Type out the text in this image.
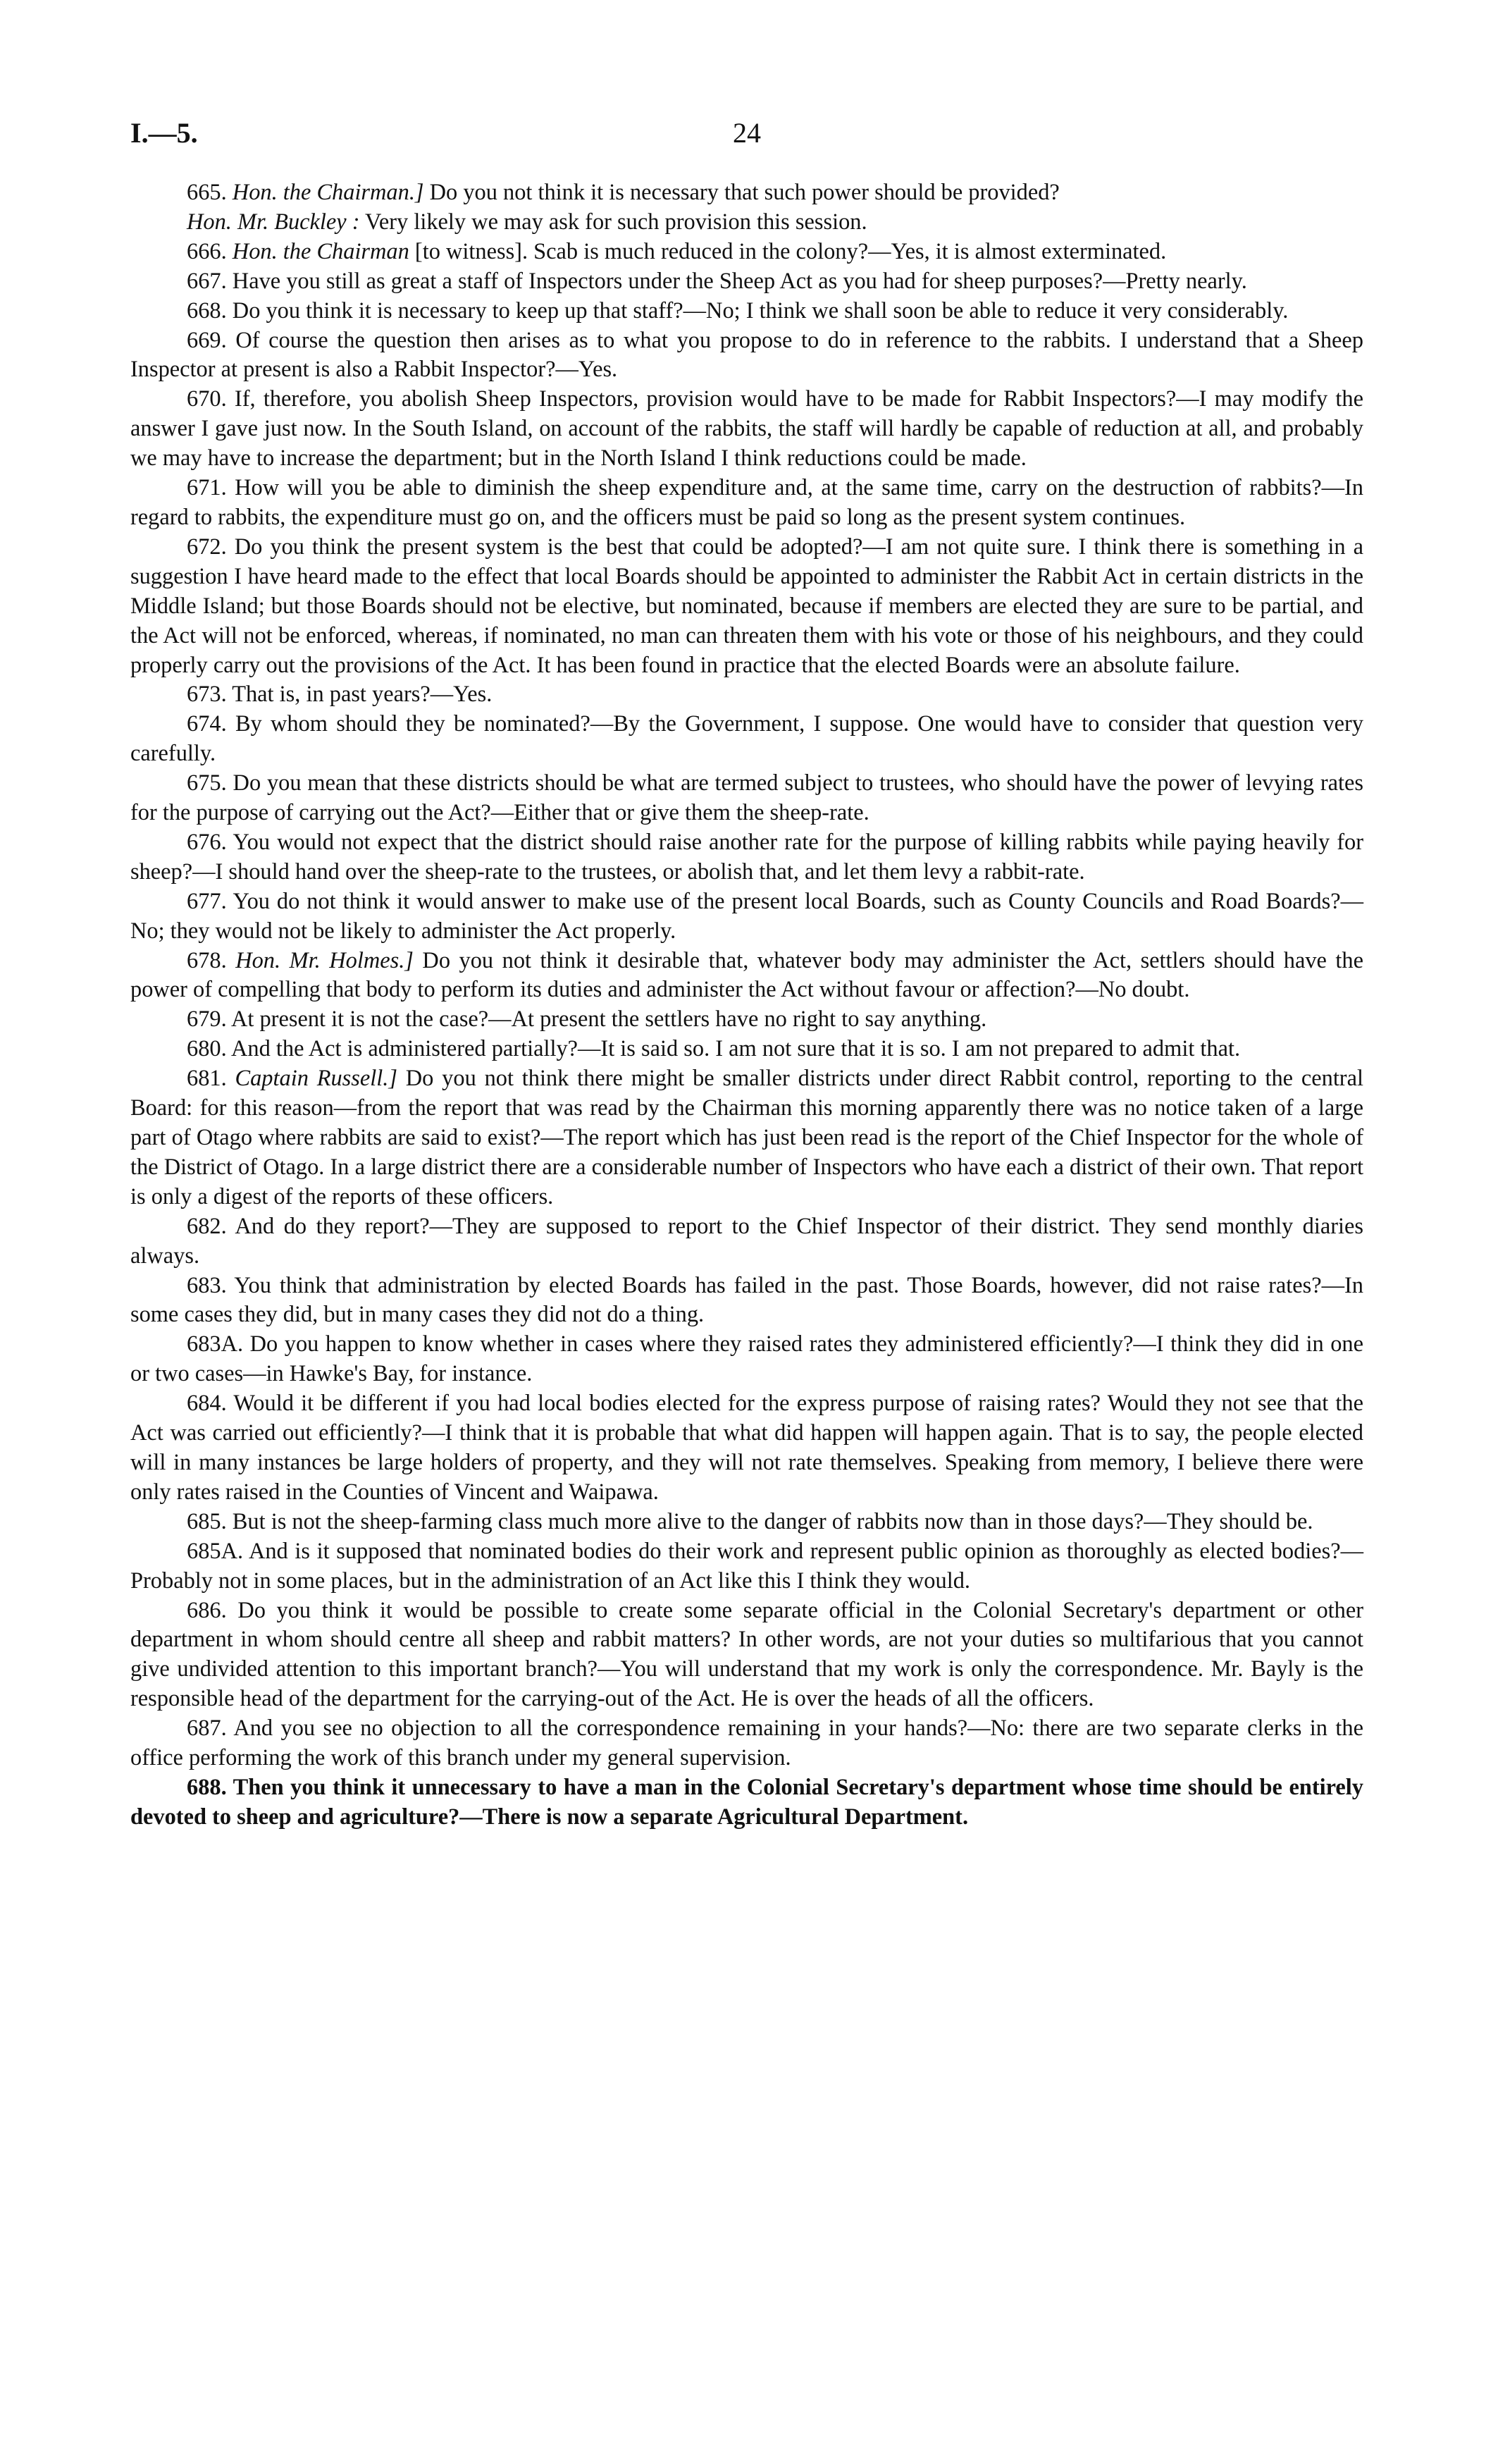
I.—5.	24

665. Hon. the Chairman.] Do you not think it is necessary that such power should be provided?

Hon. Mr. Buckley : Very likely we may ask for such provision this session.

666. Hon. the Chairman [to witness]. Scab is much reduced in the colony?—Yes, it is almost exterminated.

667. Have you still as great a staff of Inspectors under the Sheep Act as you had for sheep purposes?—Pretty nearly.

668. Do you think it is necessary to keep up that staff?—No; I think we shall soon be able to reduce it very considerably.

669. Of course the question then arises as to what you propose to do in reference to the rabbits. I understand that a Sheep Inspector at present is also a Rabbit Inspector?—Yes.

670. If, therefore, you abolish Sheep Inspectors, provision would have to be made for Rabbit Inspectors?—I may modify the answer I gave just now. In the South Island, on account of the rabbits, the staff will hardly be capable of reduction at all, and probably we may have to increase the department; but in the North Island I think reductions could be made.

671. How will you be able to diminish the sheep expenditure and, at the same time, carry on the destruction of rabbits?—In regard to rabbits, the expenditure must go on, and the officers must be paid so long as the present system continues.

672. Do you think the present system is the best that could be adopted?—I am not quite sure. I think there is something in a suggestion I have heard made to the effect that local Boards should be appointed to administer the Rabbit Act in certain districts in the Middle Island; but those Boards should not be elective, but nominated, because if members are elected they are sure to be partial, and the Act will not be enforced, whereas, if nominated, no man can threaten them with his vote or those of his neighbours, and they could properly carry out the provisions of the Act. It has been found in practice that the elected Boards were an absolute failure.

673. That is, in past years?—Yes.

674. By whom should they be nominated?—By the Government, I suppose. One would have to consider that question very carefully.

675. Do you mean that these districts should be what are termed subject to trustees, who should have the power of levying rates for the purpose of carrying out the Act?—Either that or give them the sheep-rate.

676. You would not expect that the district should raise another rate for the purpose of killing rabbits while paying heavily for sheep?—I should hand over the sheep-rate to the trustees, or abolish that, and let them levy a rabbit-rate.

677. You do not think it would answer to make use of the present local Boards, such as County Councils and Road Boards?—No; they would not be likely to administer the Act properly.

678. Hon. Mr. Holmes.] Do you not think it desirable that, whatever body may administer the Act, settlers should have the power of compelling that body to perform its duties and administer the Act without favour or affection?—No doubt.

679. At present it is not the case?—At present the settlers have no right to say anything.

680. And the Act is administered partially?—It is said so. I am not sure that it is so. I am not prepared to admit that.

681. Captain Russell.] Do you not think there might be smaller districts under direct Rabbit control, reporting to the central Board: for this reason—from the report that was read by the Chairman this morning apparently there was no notice taken of a large part of Otago where rabbits are said to exist?—The report which has just been read is the report of the Chief Inspector for the whole of the District of Otago. In a large district there are a considerable number of Inspectors who have each a district of their own. That report is only a digest of the reports of these officers.

682. And do they report?—They are supposed to report to the Chief Inspector of their district. They send monthly diaries always.

683. You think that administration by elected Boards has failed in the past. Those Boards, however, did not raise rates?—In some cases they did, but in many cases they did not do a thing.

683A. Do you happen to know whether in cases where they raised rates they administered efficiently?—I think they did in one or two cases—in Hawke's Bay, for instance.

684. Would it be different if you had local bodies elected for the express purpose of raising rates? Would they not see that the Act was carried out efficiently?—I think that it is probable that what did happen will happen again. That is to say, the people elected will in many instances be large holders of property, and they will not rate themselves. Speaking from memory, I believe there were only rates raised in the Counties of Vincent and Waipawa.

685. But is not the sheep-farming class much more alive to the danger of rabbits now than in those days?—They should be.

685A. And is it supposed that nominated bodies do their work and represent public opinion as thoroughly as elected bodies?—Probably not in some places, but in the administration of an Act like this I think they would.

686. Do you think it would be possible to create some separate official in the Colonial Secretary's department or other department in whom should centre all sheep and rabbit matters? In other words, are not your duties so multifarious that you cannot give undivided attention to this important branch?—You will understand that my work is only the correspondence. Mr. Bayly is the responsible head of the department for the carrying-out of the Act. He is over the heads of all the officers.

687. And you see no objection to all the correspondence remaining in your hands?—No: there are two separate clerks in the office performing the work of this branch under my general supervision.

688. Then you think it unnecessary to have a man in the Colonial Secretary's department whose time should be entirely devoted to sheep and agriculture?—There is now a separate Agricultural Department.
